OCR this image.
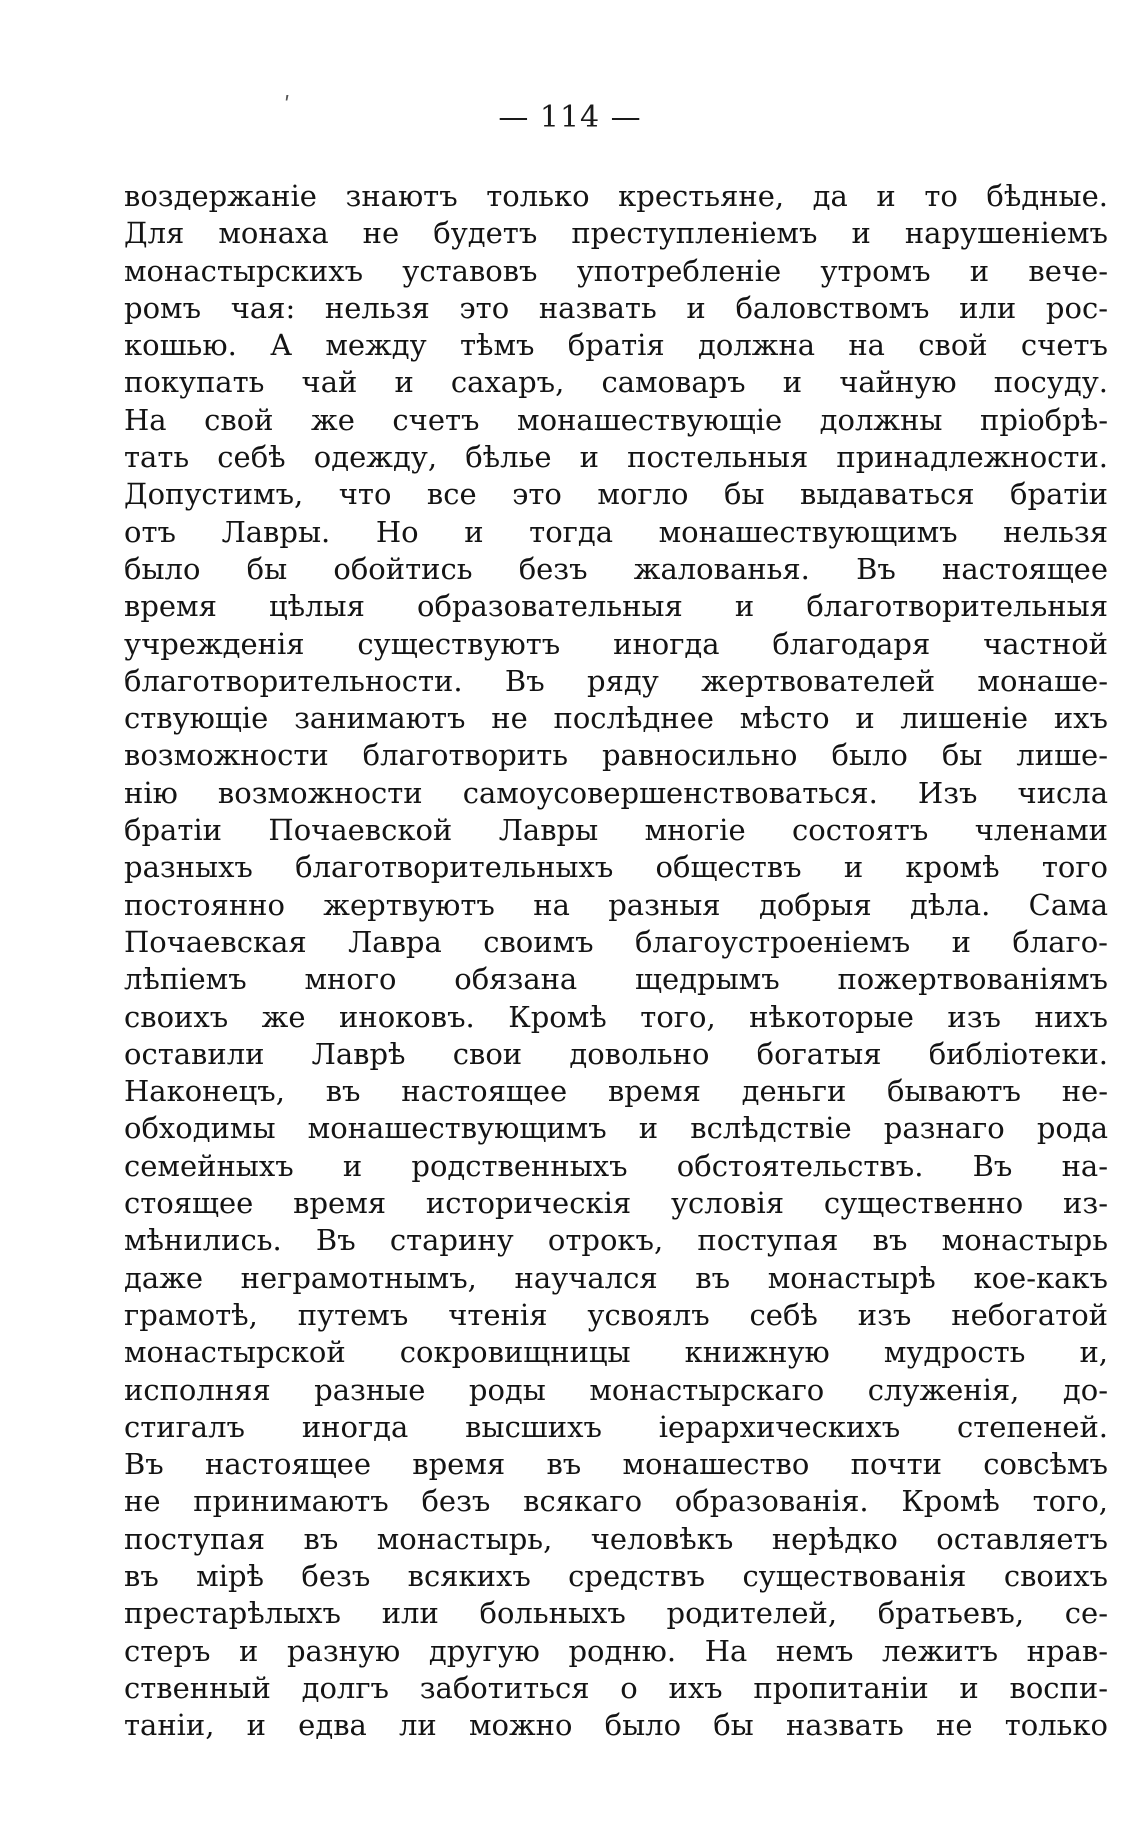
ʹ	— 114 —
воздержаніе знаютъ только крестьяне, да и то бѣдные.
Для монаха не будетъ преступленіемъ и нарушеніемъ
монастырскихъ уставовъ употребленіе утромъ и вече-
ромъ чая: нельзя это назвать и баловствомъ или рос-
кошью. А между тѣмъ братія должна на свой счетъ
покупать чай и сахаръ, самоваръ и чайную посуду.
На свой же счетъ монашествующіе должны пріобрѣ-
тать себѣ одежду, бѣлье и постельныя принадлежности.
Допустимъ, что все это могло бы выдаваться братіи
отъ Лавры. Но и тогда монашествующимъ нельзя
было бы обойтись безъ жалованья. Въ настоящее
время цѣлыя образовательныя и благотворительныя
учрежденія существуютъ иногда благодаря частной
благотворительности. Въ ряду жертвователей монаше-
ствующіе занимаютъ не послѣднее мѣсто и лишеніе ихъ
возможности благотворить равносильно было бы лише-
нію возможности самоусовершенствоваться. Изъ числа
братіи Почаевской Лавры многіе состоятъ членами
разныхъ благотворительныхъ обществъ и кромѣ того
постоянно жертвуютъ на разныя добрыя дѣла. Сама
Почаевская Лавра своимъ благоустроеніемъ и благо-
лѣпіемъ много обязана щедрымъ пожертвованіямъ
своихъ же иноковъ. Кромѣ того, нѣкоторые изъ нихъ
оставили Лаврѣ свои довольно богатыя библіотеки.
Наконецъ, въ настоящее время деньги бываютъ не-
обходимы монашествующимъ и вслѣдствіе разнаго рода
семейныхъ и родственныхъ обстоятельствъ. Въ на-
стоящее время историческія условія существенно из-
мѣнились. Въ старину отрокъ, поступая въ монастырь
даже неграмотнымъ, научался въ монастырѣ кое-какъ
грамотѣ, путемъ чтенія усвоялъ себѣ изъ небогатой
монастырской сокровищницы книжную мудрость и,
исполняя разные роды монастырскаго служенія, до-
стигалъ иногда высшихъ іерархическихъ степеней.
Въ настоящее время въ монашество почти совсѣмъ
не принимаютъ безъ всякаго образованія. Кромѣ того,
поступая въ монастырь, человѣкъ нерѣдко оставляетъ
въ мірѣ безъ всякихъ средствъ существованія своихъ
престарѣлыхъ или больныхъ родителей, братьевъ, се-
стеръ и разную другую родню. На немъ лежитъ нрав-
ственный долгъ заботиться о ихъ пропитаніи и воспи-
таніи, и едва ли можно было бы назвать не только
